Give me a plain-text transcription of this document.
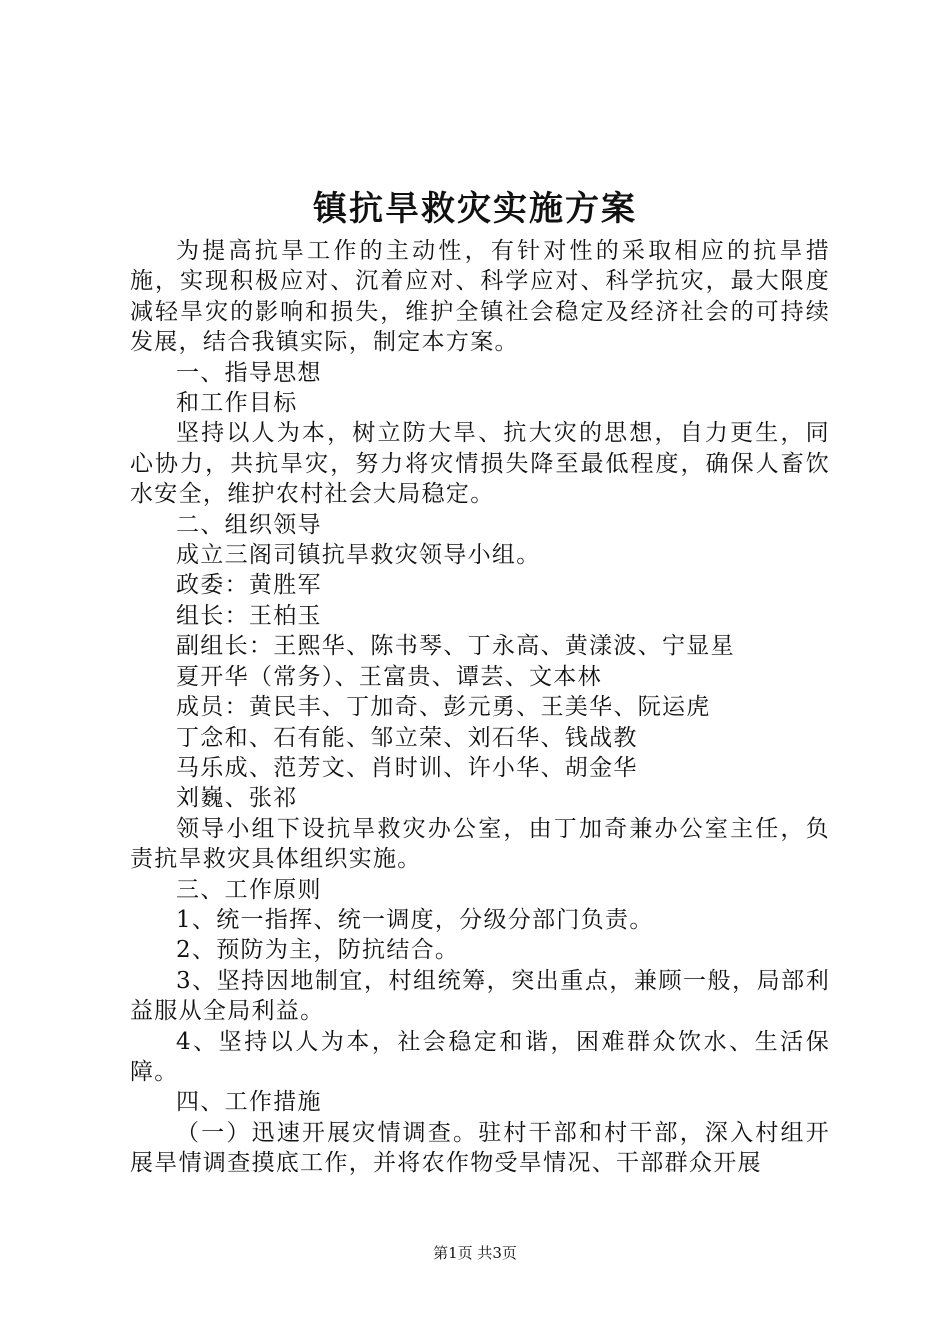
镇抗旱救灾实施方案

为提高抗旱工作的主动性，有针对性的采取相应的抗旱措施，实现积极应对、沉着应对、科学应对、科学抗灾，最大限度减轻旱灾的影响和损失，维护全镇社会稳定及经济社会的可持续发展，结合我镇实际，制定本方案。

一、指导思想

和工作目标

坚持以人为本，树立防大旱、抗大灾的思想，自力更生，同心协力，共抗旱灾，努力将灾情损失降至最低程度，确保人畜饮水安全，维护农村社会大局稳定。

二、组织领导

成立三阁司镇抗旱救灾领导小组。

政委：黄胜军

组长：王柏玉

副组长：王熙华、陈书琴、丁永高、黄漾波、宁显星

夏开华（常务）、王富贵、谭芸、文本林

成员：黄民丰、丁加奇、彭元勇、王美华、阮运虎

丁念和、石有能、邹立荣、刘石华、钱战教

马乐成、范芳文、肖时训、许小华、胡金华

刘巍、张祁

领导小组下设抗旱救灾办公室，由丁加奇兼办公室主任，负责抗旱救灾具体组织实施。

三、工作原则

1、统一指挥、统一调度，分级分部门负责。

2、预防为主，防抗结合。

3、坚持因地制宜，村组统筹，突出重点，兼顾一般，局部利益服从全局利益。

4、坚持以人为本，社会稳定和谐，困难群众饮水、生活保障。

四、工作措施

（一）迅速开展灾情调查。驻村干部和村干部，深入村组开展旱情调查摸底工作，并将农作物受旱情况、干部群众开展

第1页 共3页
